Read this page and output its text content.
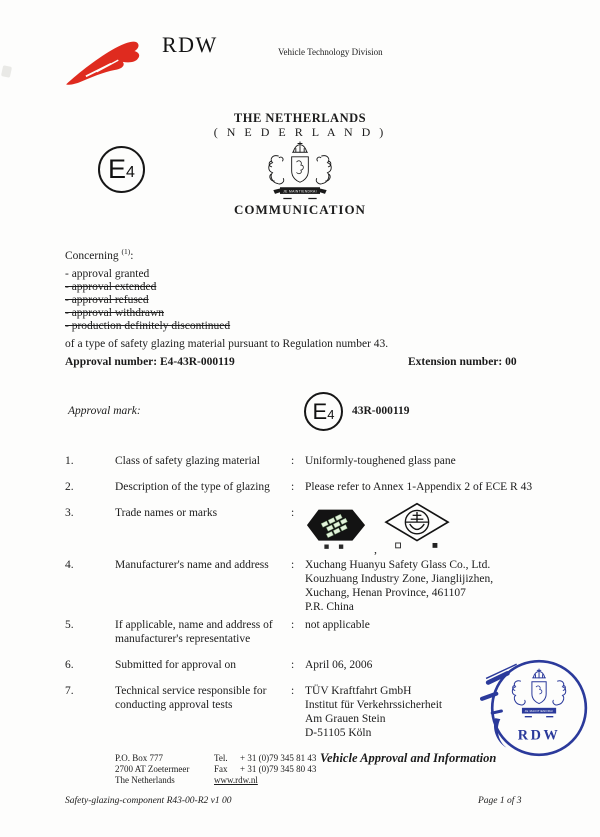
RDW	Vehicle Technology Division
THE NETHERLANDS
( N E D E R L A N D )
JE MAINTIENDRAI
COMMUNICATION
E 4
Concerning $^{(1)}$:
- approval granted
- approval extended
- approval refused
- approval withdrawn
- production definitely discontinued
of a type of safety glazing material pursuant to Regulation number 43.
Approval number: E4-43R-000119	Extension number: 00
Approval mark:	E 4 43R-000119
1.	Class of safety glazing material	: Uniformly-toughened glass pane
2.	Description of the type of glazing	: Please refer to Annex 1-Appendix 2 of ECE R 43
3.	Trade names or marks	:
,
4.	Manufacturer's name and address	: Xuchang Huanyu Safety Glass Co., Ltd.
Kouzhuang Industry Zone, Jianglijizhen,
Xuchang, Henan Province, 461107
P.R. China
5.	If applicable, name and address of
manufacturer's representative
: not applicable
6.	Submitted for approval on	: April 06, 2006
7.	Technical service responsible for
conducting approval tests
: TÜV Kraftfahrt GmbH
Institut für Verkehrssicherheit
Am Grauen Stein
D-51105 Köln
JE MAINTIENDRAI
RDW
P.O. Box 777
2700 AT Zoetermeer
The Netherlands
Tel.	+ 31 (0)79 345 81 43
Fax	+ 31 (0)79 345 80 43
www.rdw.nl
Vehicle Approval and Information
Safety-glazing-component R43-00-R2 v1 00	Page 1 of 3
